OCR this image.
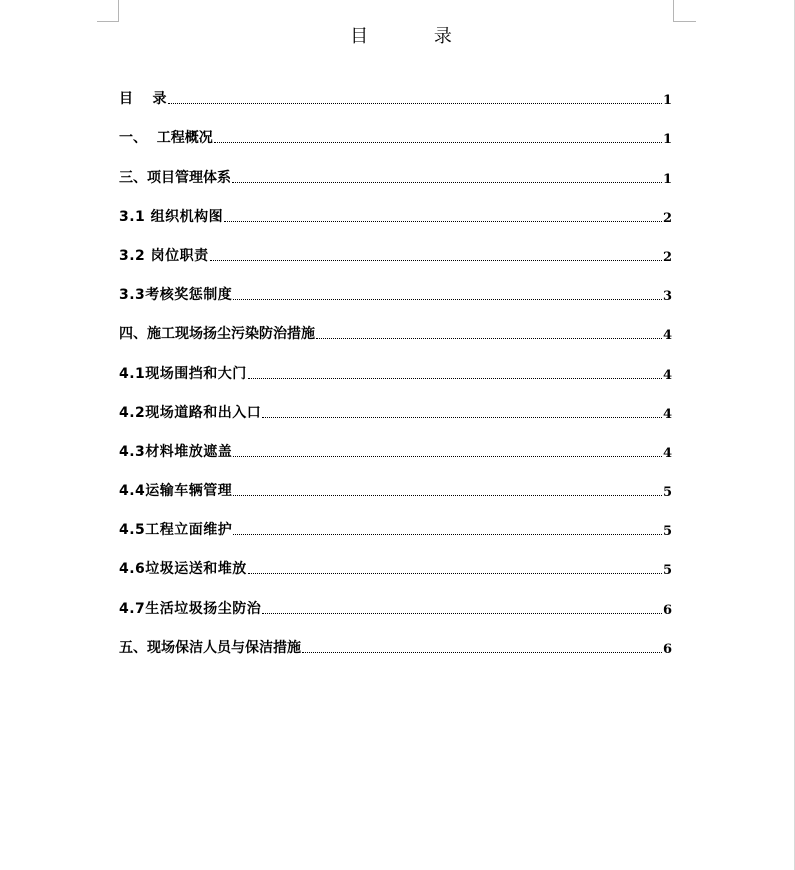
目 录
目    录	1
一、  工程概况	1
三、项目管理体系	1
3.1 组织机构图	2
3.2 岗位职责	2
3.3考核奖惩制度	3
四、施工现场扬尘污染防治措施	4
4.1现场围挡和大门	4
4.2现场道路和出入口	4
4.3材料堆放遮盖	4
4.4运输车辆管理	5
4.5工程立面维护	5
4.6垃圾运送和堆放	5
4.7生活垃圾扬尘防治	6
五、现场保洁人员与保洁措施	6
